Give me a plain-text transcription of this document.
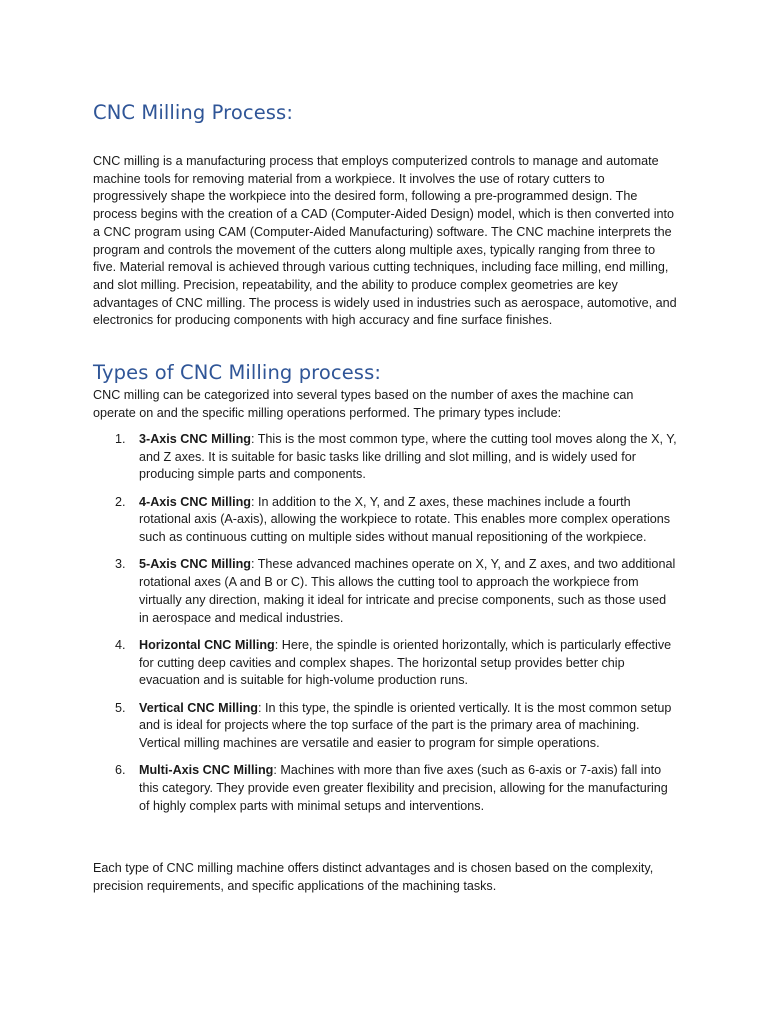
CNC Milling Process:

CNC milling is a manufacturing process that employs computerized controls to manage and automate machine tools for removing material from a workpiece. It involves the use of rotary cutters to progressively shape the workpiece into the desired form, following a pre-programmed design. The process begins with the creation of a CAD (Computer-Aided Design) model, which is then converted into a CNC program using CAM (Computer-Aided Manufacturing) software. The CNC machine interprets the program and controls the movement of the cutters along multiple axes, typically ranging from three to five. Material removal is achieved through various cutting techniques, including face milling, end milling, and slot milling. Precision, repeatability, and the ability to produce complex geometries are key advantages of CNC milling. The process is widely used in industries such as aerospace, automotive, and electronics for producing components with high accuracy and fine surface finishes.

Types of CNC Milling process:

CNC milling can be categorized into several types based on the number of axes the machine can operate on and the specific milling operations performed. The primary types include:

1. 3-Axis CNC Milling: This is the most common type, where the cutting tool moves along the X, Y, and Z axes. It is suitable for basic tasks like drilling and slot milling, and is widely used for producing simple parts and components.
2. 4-Axis CNC Milling: In addition to the X, Y, and Z axes, these machines include a fourth rotational axis (A-axis), allowing the workpiece to rotate. This enables more complex operations such as continuous cutting on multiple sides without manual repositioning of the workpiece.
3. 5-Axis CNC Milling: These advanced machines operate on X, Y, and Z axes, and two additional rotational axes (A and B or C). This allows the cutting tool to approach the workpiece from virtually any direction, making it ideal for intricate and precise components, such as those used in aerospace and medical industries.
4. Horizontal CNC Milling: Here, the spindle is oriented horizontally, which is particularly effective for cutting deep cavities and complex shapes. The horizontal setup provides better chip evacuation and is suitable for high-volume production runs.
5. Vertical CNC Milling: In this type, the spindle is oriented vertically. It is the most common setup and is ideal for projects where the top surface of the part is the primary area of machining. Vertical milling machines are versatile and easier to program for simple operations.
6. Multi-Axis CNC Milling: Machines with more than five axes (such as 6-axis or 7-axis) fall into this category. They provide even greater flexibility and precision, allowing for the manufacturing of highly complex parts with minimal setups and interventions.

Each type of CNC milling machine offers distinct advantages and is chosen based on the complexity, precision requirements, and specific applications of the machining tasks.
